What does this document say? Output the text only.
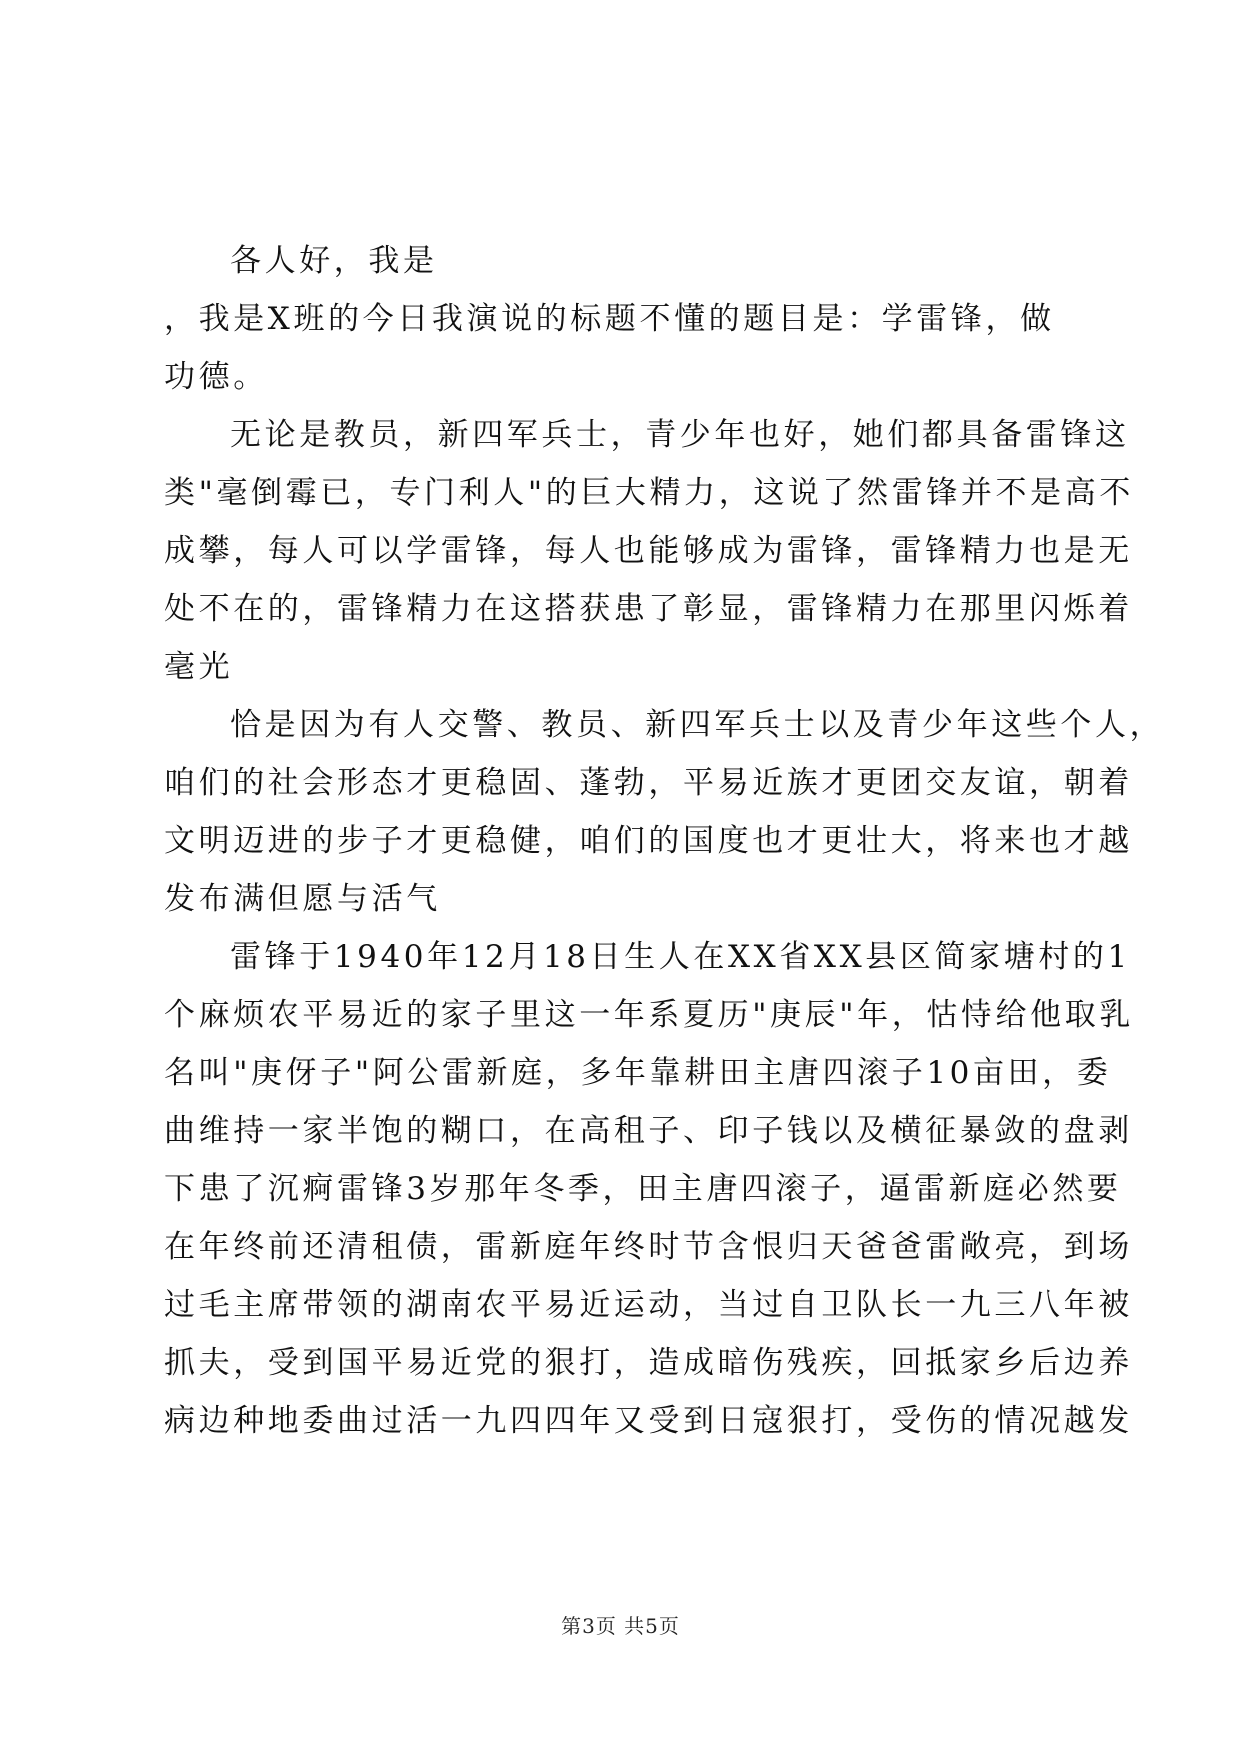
各人好，我是
，我是X班的今日我演说的标题不懂的题目是：学雷锋，做
功德。
无论是教员，新四军兵士，青少年也好，她们都具备雷锋这
类"毫倒霉已，专门利人"的巨大精力，这说了然雷锋并不是高不
成攀，每人可以学雷锋，每人也能够成为雷锋，雷锋精力也是无
处不在的，雷锋精力在这搭获患了彰显，雷锋精力在那里闪烁着
毫光
恰是因为有人交警、教员、新四军兵士以及青少年这些个人，
咱们的社会形态才更稳固、蓬勃，平易近族才更团交友谊，朝着
文明迈进的步子才更稳健，咱们的国度也才更壮大，将来也才越
发布满但愿与活气
雷锋于1940年12月18日生人在XX省XX县区简家塘村的1
个麻烦农平易近的家子里这一年系夏历"庚辰"年，怙恃给他取乳
名叫"庚伢子"阿公雷新庭，多年靠耕田主唐四滚子10亩田，委
曲维持一家半饱的糊口，在高租子、印子钱以及横征暴敛的盘剥
下患了沉痾雷锋3岁那年冬季，田主唐四滚子，逼雷新庭必然要
在年终前还清租债，雷新庭年终时节含恨归天爸爸雷敞亮，到场
过毛主席带领的湖南农平易近运动，当过自卫队长一九三八年被
抓夫，受到国平易近党的狠打，造成暗伤残疾，回抵家乡后边养
病边种地委曲过活一九四四年又受到日寇狠打，受伤的情况越发
第3页 共5页
